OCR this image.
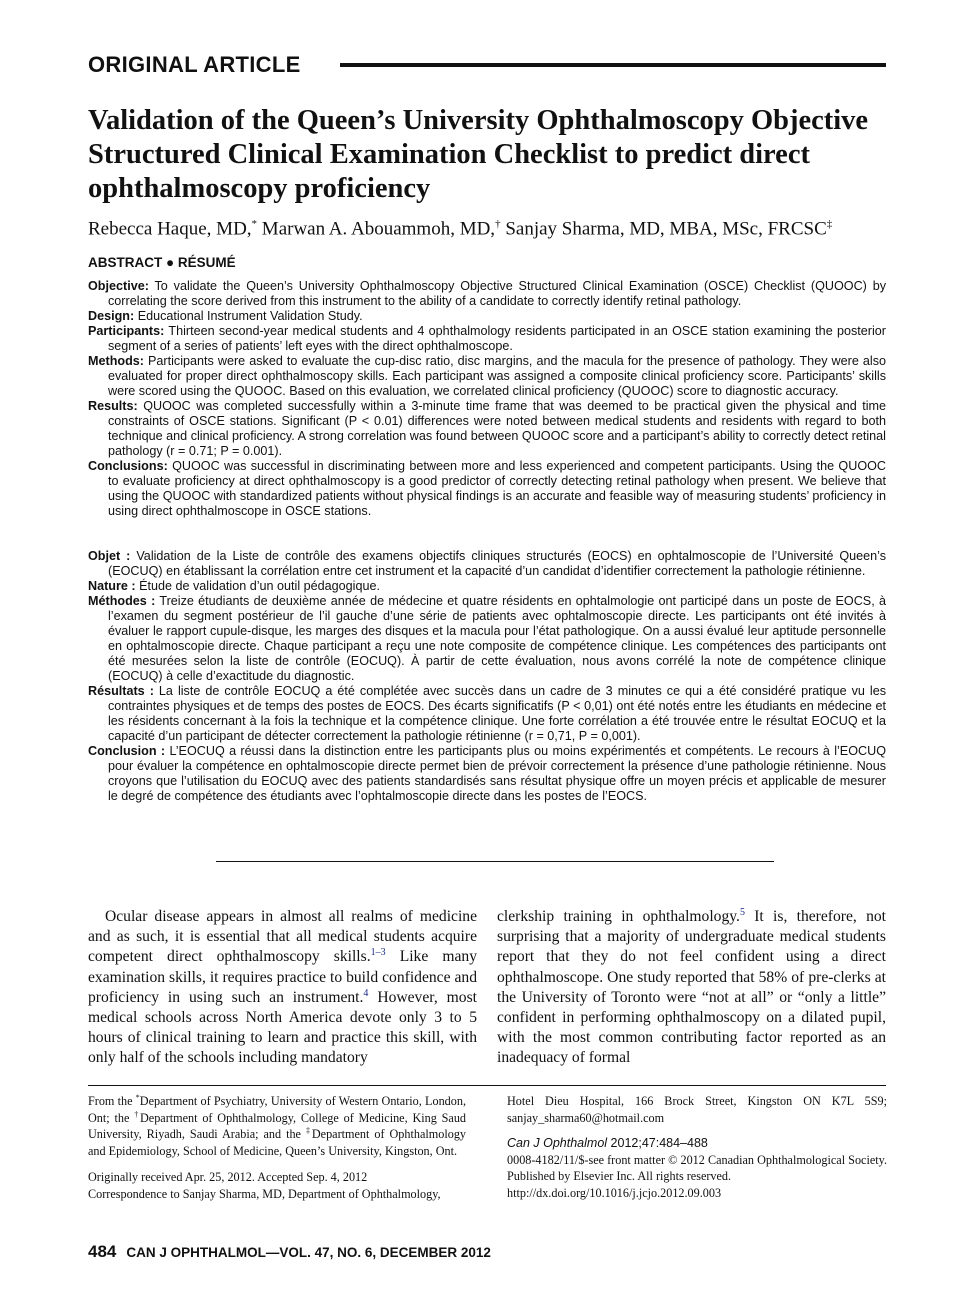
ORIGINAL ARTICLE
Validation of the Queen’s University Ophthalmoscopy Objective Structured Clinical Examination Checklist to predict direct ophthalmoscopy proficiency
Rebecca Haque, MD,* Marwan A. Abouammoh, MD,† Sanjay Sharma, MD, MBA, MSc, FRCSC‡
ABSTRACT ● RÉSUMÉ

Objective: To validate the Queen’s University Ophthalmoscopy Objective Structured Clinical Examination (OSCE) Checklist (QUOOC) by correlating the score derived from this instrument to the ability of a candidate to correctly identify retinal pathology.

Design: Educational Instrument Validation Study.

Participants: Thirteen second-year medical students and 4 ophthalmology residents participated in an OSCE station examining the posterior segment of a series of patients’ left eyes with the direct ophthalmoscope.

Methods: Participants were asked to evaluate the cup-disc ratio, disc margins, and the macula for the presence of pathology. They were also evaluated for proper direct ophthalmoscopy skills. Each participant was assigned a composite clinical proficiency score. Participants’ skills were scored using the QUOOC. Based on this evaluation, we correlated clinical proficiency (QUOOC) score to diagnostic accuracy.

Results: QUOOC was completed successfully within a 3-minute time frame that was deemed to be practical given the physical and time constraints of OSCE stations. Significant (P < 0.01) differences were noted between medical students and residents with regard to both technique and clinical proficiency. A strong correlation was found between QUOOC score and a participant’s ability to correctly detect retinal pathology (r = 0.71; P = 0.001).

Conclusions: QUOOC was successful in discriminating between more and less experienced and competent participants. Using the QUOOC to evaluate proficiency at direct ophthalmoscopy is a good predictor of correctly detecting retinal pathology when present. We believe that using the QUOOC with standardized patients without physical findings is an accurate and feasible way of measuring students’ proficiency in using direct ophthalmoscope in OSCE stations.

Objet : Validation de la Liste de contrôle des examens objectifs cliniques structurés (EOCS) en ophtalmoscopie de l’Université Queen’s (EOCUQ) en établissant la corrélation entre cet instrument et la capacité d’un candidat d’identifier correctement la pathologie rétinienne.

Nature : Étude de validation d’un outil pédagogique.

Méthodes : Treize étudiants de deuxième année de médecine et quatre résidents en ophtalmologie ont participé dans un poste de EOCS, à l’examen du segment postérieur de l’il gauche d’une série de patients avec ophtalmoscopie directe. Les participants ont été invités à évaluer le rapport cupule-disque, les marges des disques et la macula pour l’état pathologique. On a aussi évalué leur aptitude personnelle en ophtalmoscopie directe. Chaque participant a reçu une note composite de compétence clinique. Les compétences des participants ont été mesurées selon la liste de contrôle (EOCUQ). À partir de cette évaluation, nous avons corrélé la note de compétence clinique (EOCUQ) à celle d’exactitude du diagnostic.

Résultats : La liste de contrôle EOCUQ a été complétée avec succès dans un cadre de 3 minutes ce qui a été considéré pratique vu les contraintes physiques et de temps des postes de EOCS. Des écarts significatifs (P < 0,01) ont été notés entre les étudiants en médecine et les résidents concernant à la fois la technique et la compétence clinique. Une forte corrélation a été trouvée entre le résultat EOCUQ et la capacité d’un participant de détecter correctement la pathologie rétinienne (r = 0,71, P = 0,001).

Conclusion : L’EOCUQ a réussi dans la distinction entre les participants plus ou moins expérimentés et compétents. Le recours à l’EOCUQ pour évaluer la compétence en ophtalmoscopie directe permet bien de prévoir correctement la présence d’une pathologie rétinienne. Nous croyons que l’utilisation du EOCUQ avec des patients standardisés sans résultat physique offre un moyen précis et applicable de mesurer le degré de compétence des étudiants avec l’ophtalmoscopie directe dans les postes de l’EOCS.

Ocular disease appears in almost all realms of medicine and as such, it is essential that all medical students acquire competent direct ophthalmoscopy skills.$^{1-3}$ Like many examination skills, it requires practice to build confidence and proficiency in using such an instrument.$^4$ However, most medical schools across North America devote only 3 to 5 hours of clinical training to learn and practice this skill, with only half of the schools including mandatory

clerkship training in ophthalmology.$^5$ It is, therefore, not surprising that a majority of undergraduate medical students report that they do not feel confident using a direct ophthalmoscope. One study reported that 58% of pre-clerks at the University of Toronto were “not at all” or “only a little” confident in performing ophthalmoscopy on a dilated pupil, with the most common contributing factor reported as an inadequacy of formal

From the *Department of Psychiatry, University of Western Ontario, London, Ont; the †Department of Ophthalmology, College of Medicine, King Saud University, Riyadh, Saudi Arabia; and the ‡Department of Ophthalmology and Epidemiology, School of Medicine, Queen’s University, Kingston, Ont.
Originally received Apr. 25, 2012. Accepted Sep. 4, 2012
Correspondence to Sanjay Sharma, MD, Department of Ophthalmology,
Hotel Dieu Hospital, 166 Brock Street, Kingston ON K7L 5S9; sanjay_sharma60@hotmail.com
Can J Ophthalmol 2012;47:484–488
0008-4182/11/$-see front matter © 2012 Canadian Ophthalmological Society. Published by Elsevier Inc. All rights reserved.
http://dx.doi.org/10.1016/j.jcjo.2012.09.003
484 CAN J OPHTHALMOL—VOL. 47, NO. 6, DECEMBER 2012
